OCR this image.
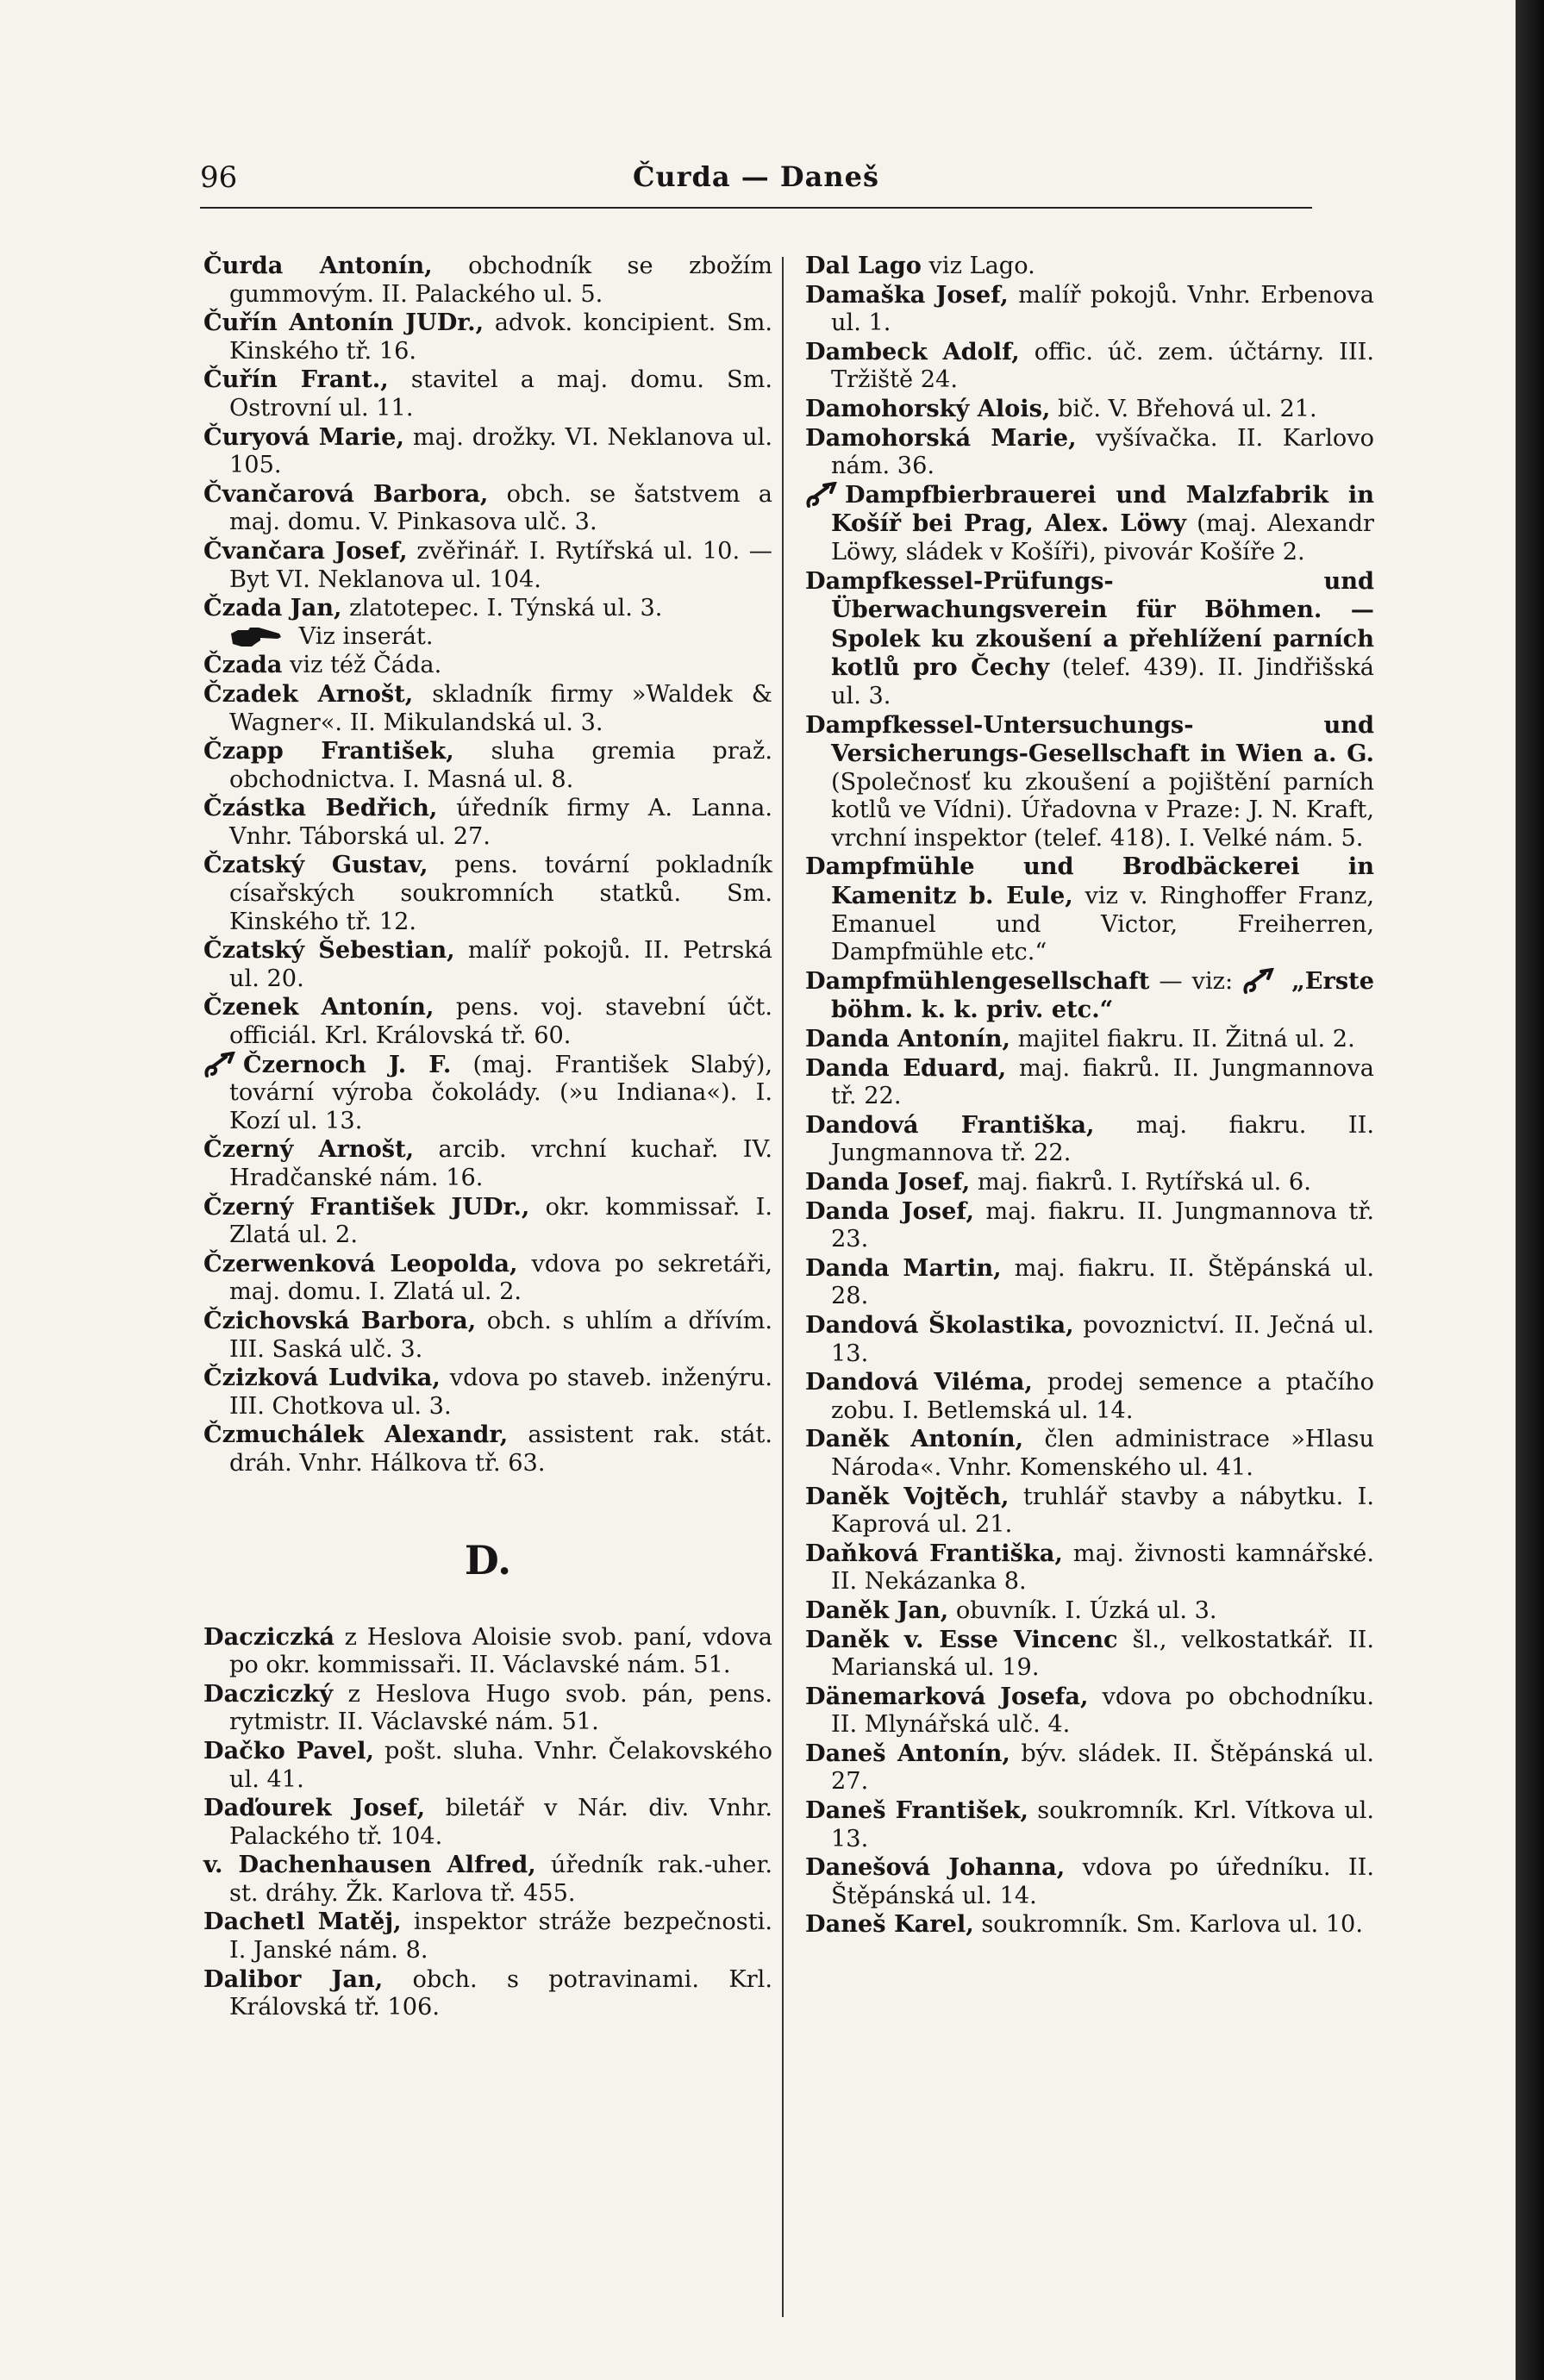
96	Čurda — Daneš

Čurda Antonín, obchodník se zbožím gummovým. II. Palackého ul. 5.

Čuřín Antonín JUDr., advok. koncipient. Sm. Kinského tř. 16.

Čuřín Frant., stavitel a maj. domu. Sm. Ostrovní ul. 11.

Čuryová Marie, maj. drožky. VI. Neklanova ul. 105.

Čvančarová Barbora, obch. se šatstvem a maj. domu. V. Pinkasova ulč. 3.

Čvančara Josef, zvěřinář. I. Rytířská ul. 10. — Byt VI. Neklanova ul. 104.

Čzada Jan, zlatotepec. I. Týnská ul. 3.

Viz inserát.

Čzada viz též Čáda.

Čzadek Arnošt, skladník firmy »Waldek & Wagner«. II. Mikulandská ul. 3.

Čzapp František, sluha gremia praž. obchodnictva. I. Masná ul. 8.

Čzástka Bedřich, úředník firmy A. Lanna. Vnhr. Táborská ul. 27.

Čzatský Gustav, pens. tovární pokladník císařských soukromních statků. Sm. Kinského tř. 12.

Čzatský Šebestian, malíř pokojů. II. Petrská ul. 20.

Čzenek Antonín, pens. voj. stavební účt. officiál. Krl. Královská tř. 60.

Čzernoch J. F. (maj. František Slabý), tovární výroba čokolády. (»u Indiana«). I. Kozí ul. 13.

Čzerný Arnošt, arcib. vrchní kuchař. IV. Hradčanské nám. 16.

Čzerný František JUDr., okr. kommissař. I. Zlatá ul. 2.

Čzerwenková Leopolda, vdova po sekretáři, maj. domu. I. Zlatá ul. 2.

Čzichovská Barbora, obch. s uhlím a dřívím. III. Saská ulč. 3.

Čzizková Ludvika, vdova po staveb. inženýru. III. Chotkova ul. 3.

Čzmuchálek Alexandr, assistent rak. stát. dráh. Vnhr. Hálkova tř. 63.

D.

Dacziczká z Heslova Aloisie svob. paní, vdova po okr. kommissaři. II. Václavské nám. 51.

Dacziczký z Heslova Hugo svob. pán, pens. rytmistr. II. Václavské nám. 51.

Dačko Pavel, pošt. sluha. Vnhr. Čelakovského ul. 41.

Daďourek Josef, biletář v Nár. div. Vnhr. Palackého tř. 104.

v. Dachenhausen Alfred, úředník rak.-uher. st. dráhy. Žk. Karlova tř. 455.

Dachetl Matěj, inspektor stráže bezpečnosti. I. Janské nám. 8.

Dalibor Jan, obch. s potravinami. Krl. Královská tř. 106.

Dal Lago viz Lago.

Damaška Josef, malíř pokojů. Vnhr. Erbenova ul. 1.

Dambeck Adolf, offic. úč. zem. účtárny. III. Tržiště 24.

Damohorský Alois, bič. V. Břehová ul. 21.

Damohorská Marie, vyšívačka. II. Karlovo nám. 36.

Dampfbierbrauerei und Malzfabrik in Košíř bei Prag, Alex. Löwy (maj. Alexandr Löwy, sládek v Košíři), pivovár Košíře 2.

Dampfkessel-Prüfungs- und Überwachungsverein für Böhmen. — Spolek ku zkoušení a přehlížení parních kotlů pro Čechy (telef. 439). II. Jindřišská ul. 3.

Dampfkessel-Untersuchungs- und Versicherungs-Gesellschaft in Wien a. G. (Společnosť ku zkoušení a pojištění parních kotlů ve Vídni). Úřadovna v Praze: J. N. Kraft, vrchní inspektor (telef. 418). I. Velké nám. 5.

Dampfmühle und Brodbäckerei in Kamenitz b. Eule, viz v. Ringhoffer Franz, Emanuel und Victor, Freiherren, Dampfmühle etc.“

Dampfmühlengesellschaft — viz:	„Erste böhm. k. k. priv. etc.“

Danda Antonín, majitel fiakru. II. Žitná ul. 2.

Danda Eduard, maj. fiakrů. II. Jungmannova tř. 22.

Dandová Františka, maj. fiakru. II. Jungmannova tř. 22.

Danda Josef, maj. fiakrů. I. Rytířská ul. 6.

Danda Josef, maj. fiakru. II. Jungmannova tř. 23.

Danda Martin, maj. fiakru. II. Štěpánská ul. 28.

Dandová Školastika, povoznictví. II. Ječná ul. 13.

Dandová Viléma, prodej semence a ptačího zobu. I. Betlemská ul. 14.

Daněk Antonín, člen administrace »Hlasu Národa«. Vnhr. Komenského ul. 41.

Daněk Vojtěch, truhlář stavby a nábytku. I. Kaprová ul. 21.

Daňková Františka, maj. živnosti kamnářské. II. Nekázanka 8.

Daněk Jan, obuvník. I. Úzká ul. 3.

Daněk v. Esse Vincenc šl., velkostatkář. II. Marianská ul. 19.

Dänemarková Josefa, vdova po obchodníku. II. Mlynářská ulč. 4.

Daneš Antonín, býv. sládek. II. Štěpánská ul. 27.

Daneš František, soukromník. Krl. Vítkova ul. 13.

Danešová Johanna, vdova po úředníku. II. Štěpánská ul. 14.

Daneš Karel, soukromník. Sm. Karlova ul. 10.
